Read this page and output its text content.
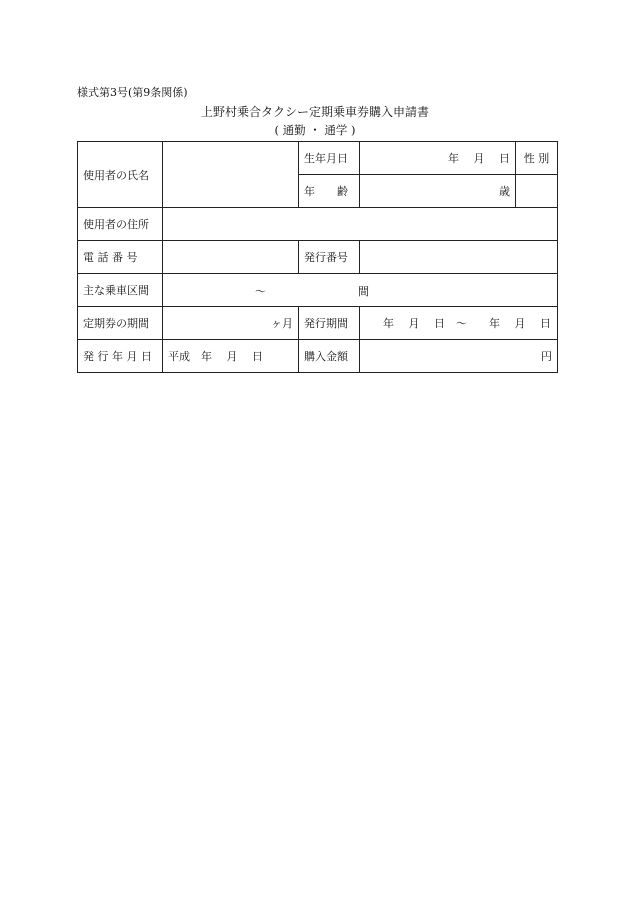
様式第3号(第9条関係)
上野村乗合タクシー定期乗車券購入申請書
( 通勤 ・ 通学 )
使用者の氏名		生年月日	年　 月　 日	性 別
		年　　齢	歳	
使用者の住所				
電 話 番 号		発行番号		
主な乗車区間	〜 間			

定期券の期間	ヶ月	発行期間	年　 月　 日　〜　　年　 月　 日	
発 行 年 月 日	平成　年　 月　 日	購入金額	円	
